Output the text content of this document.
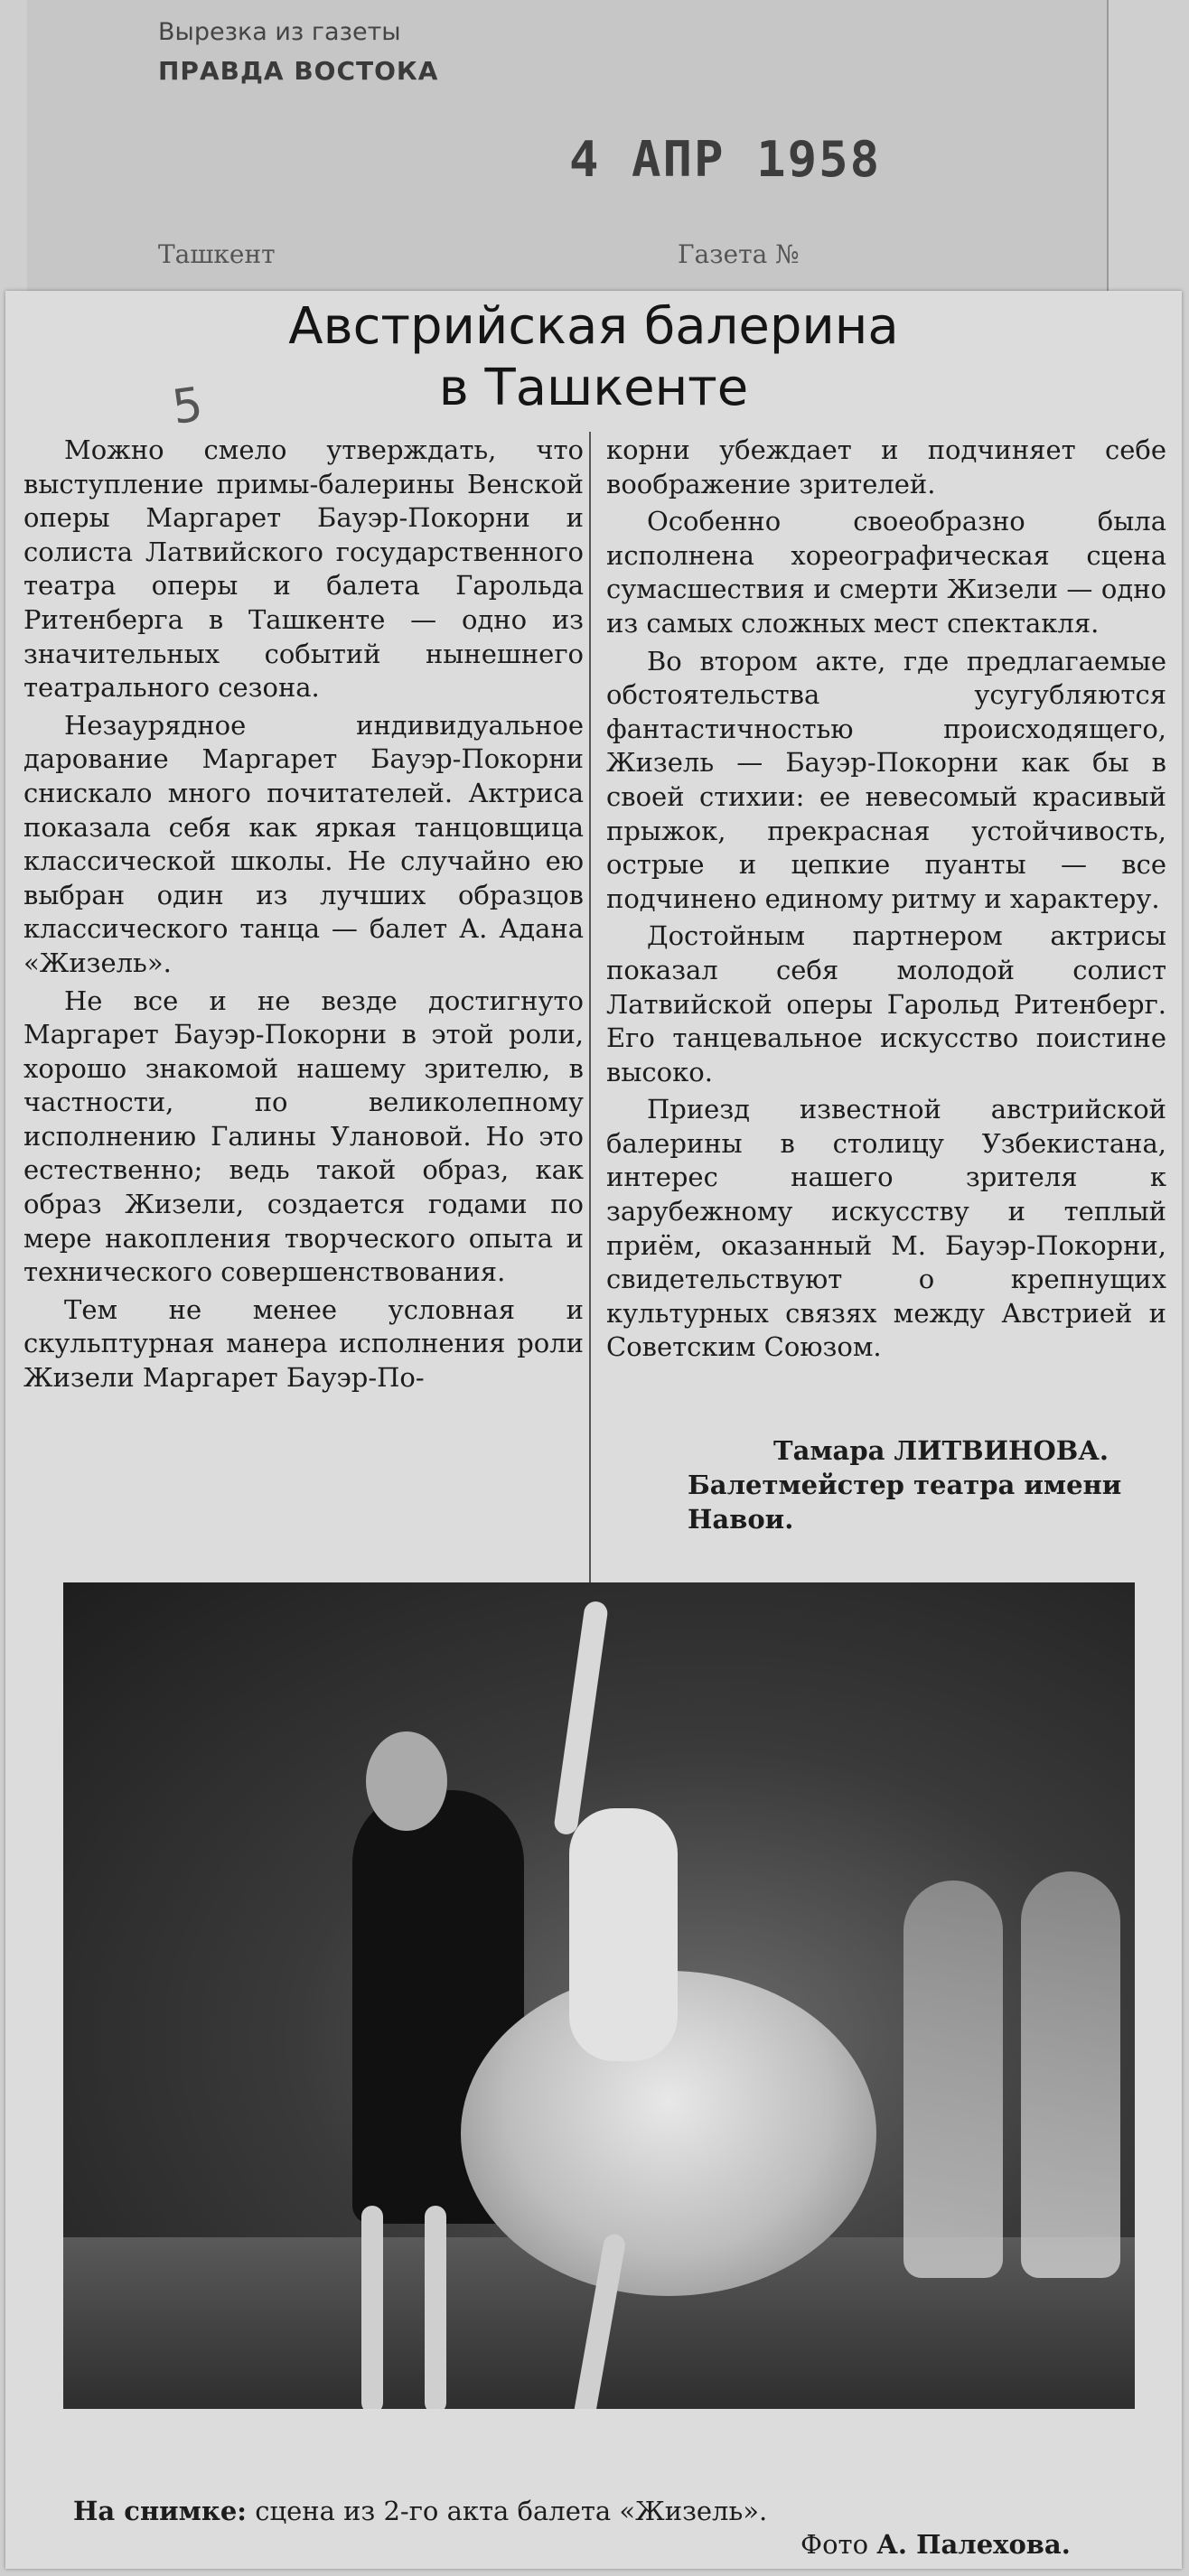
Вырезка из газеты
ПРАВДА ВОСТОКА
4 АПР 1958
Ташкент	Газета №
Австрийская балерина
в Ташкенте
5

Можно смело утверждать, что выступление примы-балерины Венской оперы Маргарет Бауэр-Покорни и солиста Латвийского государственного театра оперы и балета Гарольда Ритенберга в Ташкенте — одно из значительных событий нынешнего театрального сезона.

Незаурядное индивидуальное дарование Маргарет Бауэр-Покорни снискало много почитателей. Актриса показала себя как яркая танцовщица классической школы. Не случайно ею выбран один из лучших образцов классического танца — балет А. Адана «Жизель».

Не все и не везде достигнуто Маргарет Бауэр-Покорни в этой роли, хорошо знакомой нашему зрителю, в частности, по великолепному исполнению Галины Улановой. Но это естественно; ведь такой образ, как образ Жизели, создается годами по мере накопления творческого опыта и технического совершенствования.

Тем не менее условная и скульптурная манера исполнения роли Жизели Маргарет Бауэр-По-

корни убеждает и подчиняет себе воображение зрителей.

Особенно своеобразно была исполнена хореографическая сцена сумасшествия и смерти Жизели — одно из самых сложных мест спектакля.

Во втором акте, где предлагаемые обстоятельства усугубляются фантастичностью происходящего, Жизель — Бауэр-Покорни как бы в своей стихии: ее невесомый красивый прыжок, прекрасная устойчивость, острые и цепкие пуанты — все подчинено единому ритму и характеру.

Достойным партнером актрисы показал себя молодой солист Латвийской оперы Гарольд Ритенберг. Его танцевальное искусство поистине высоко.

Приезд известной австрийской балерины в столицу Узбекистана, интерес нашего зрителя к зарубежному искусству и теплый приём, оказанный М. Бауэр-Покорни, свидетельствуют о крепнущих культурных связях между Австрией и Советским Союзом.

Тамара ЛИТВИНОВА.
Балетмейстер театра имени Навои.
На снимке: сцена из 2-го акта балета «Жизель».
Фото А. Палехова.
